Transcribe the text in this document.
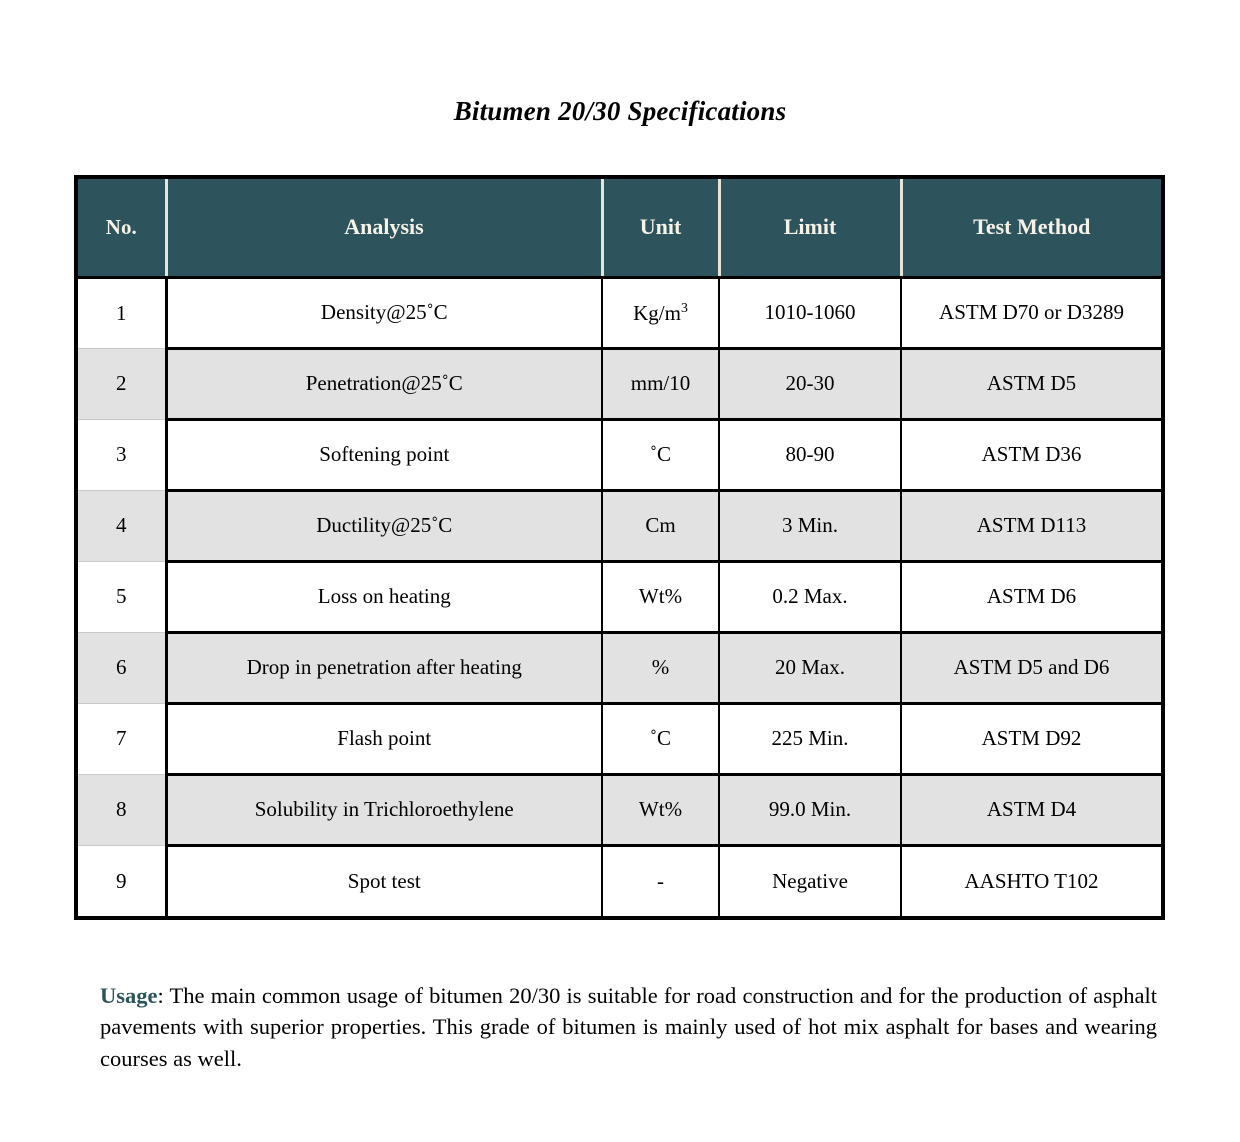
Bitumen 20/30 Specifications
No.	Analysis	Unit	Limit	Test Method
1	Density@25˚C	$Kg/m^3$	1010-1060	ASTM D70 or D3289
2	Penetration@25˚C	mm/10	20-30	ASTM D5
3	Softening point	˚C	80-90	ASTM D36
4	Ductility@25˚C	Cm	3 Min.	ASTM D113
5	Loss on heating	Wt%	0.2 Max.	ASTM D6
6	Drop in penetration after heating	%	20 Max.	ASTM D5 and D6
7	Flash point	˚C	225 Min.	ASTM D92
8	Solubility in Trichloroethylene	Wt%	99.0 Min.	ASTM D4
9	Spot test	-	Negative	AASHTO T102

Usage: The main common usage of bitumen 20/30 is suitable for road construction and for the production of asphalt pavements with superior properties. This grade of bitumen is mainly used of hot mix asphalt for bases and wearing courses as well.
